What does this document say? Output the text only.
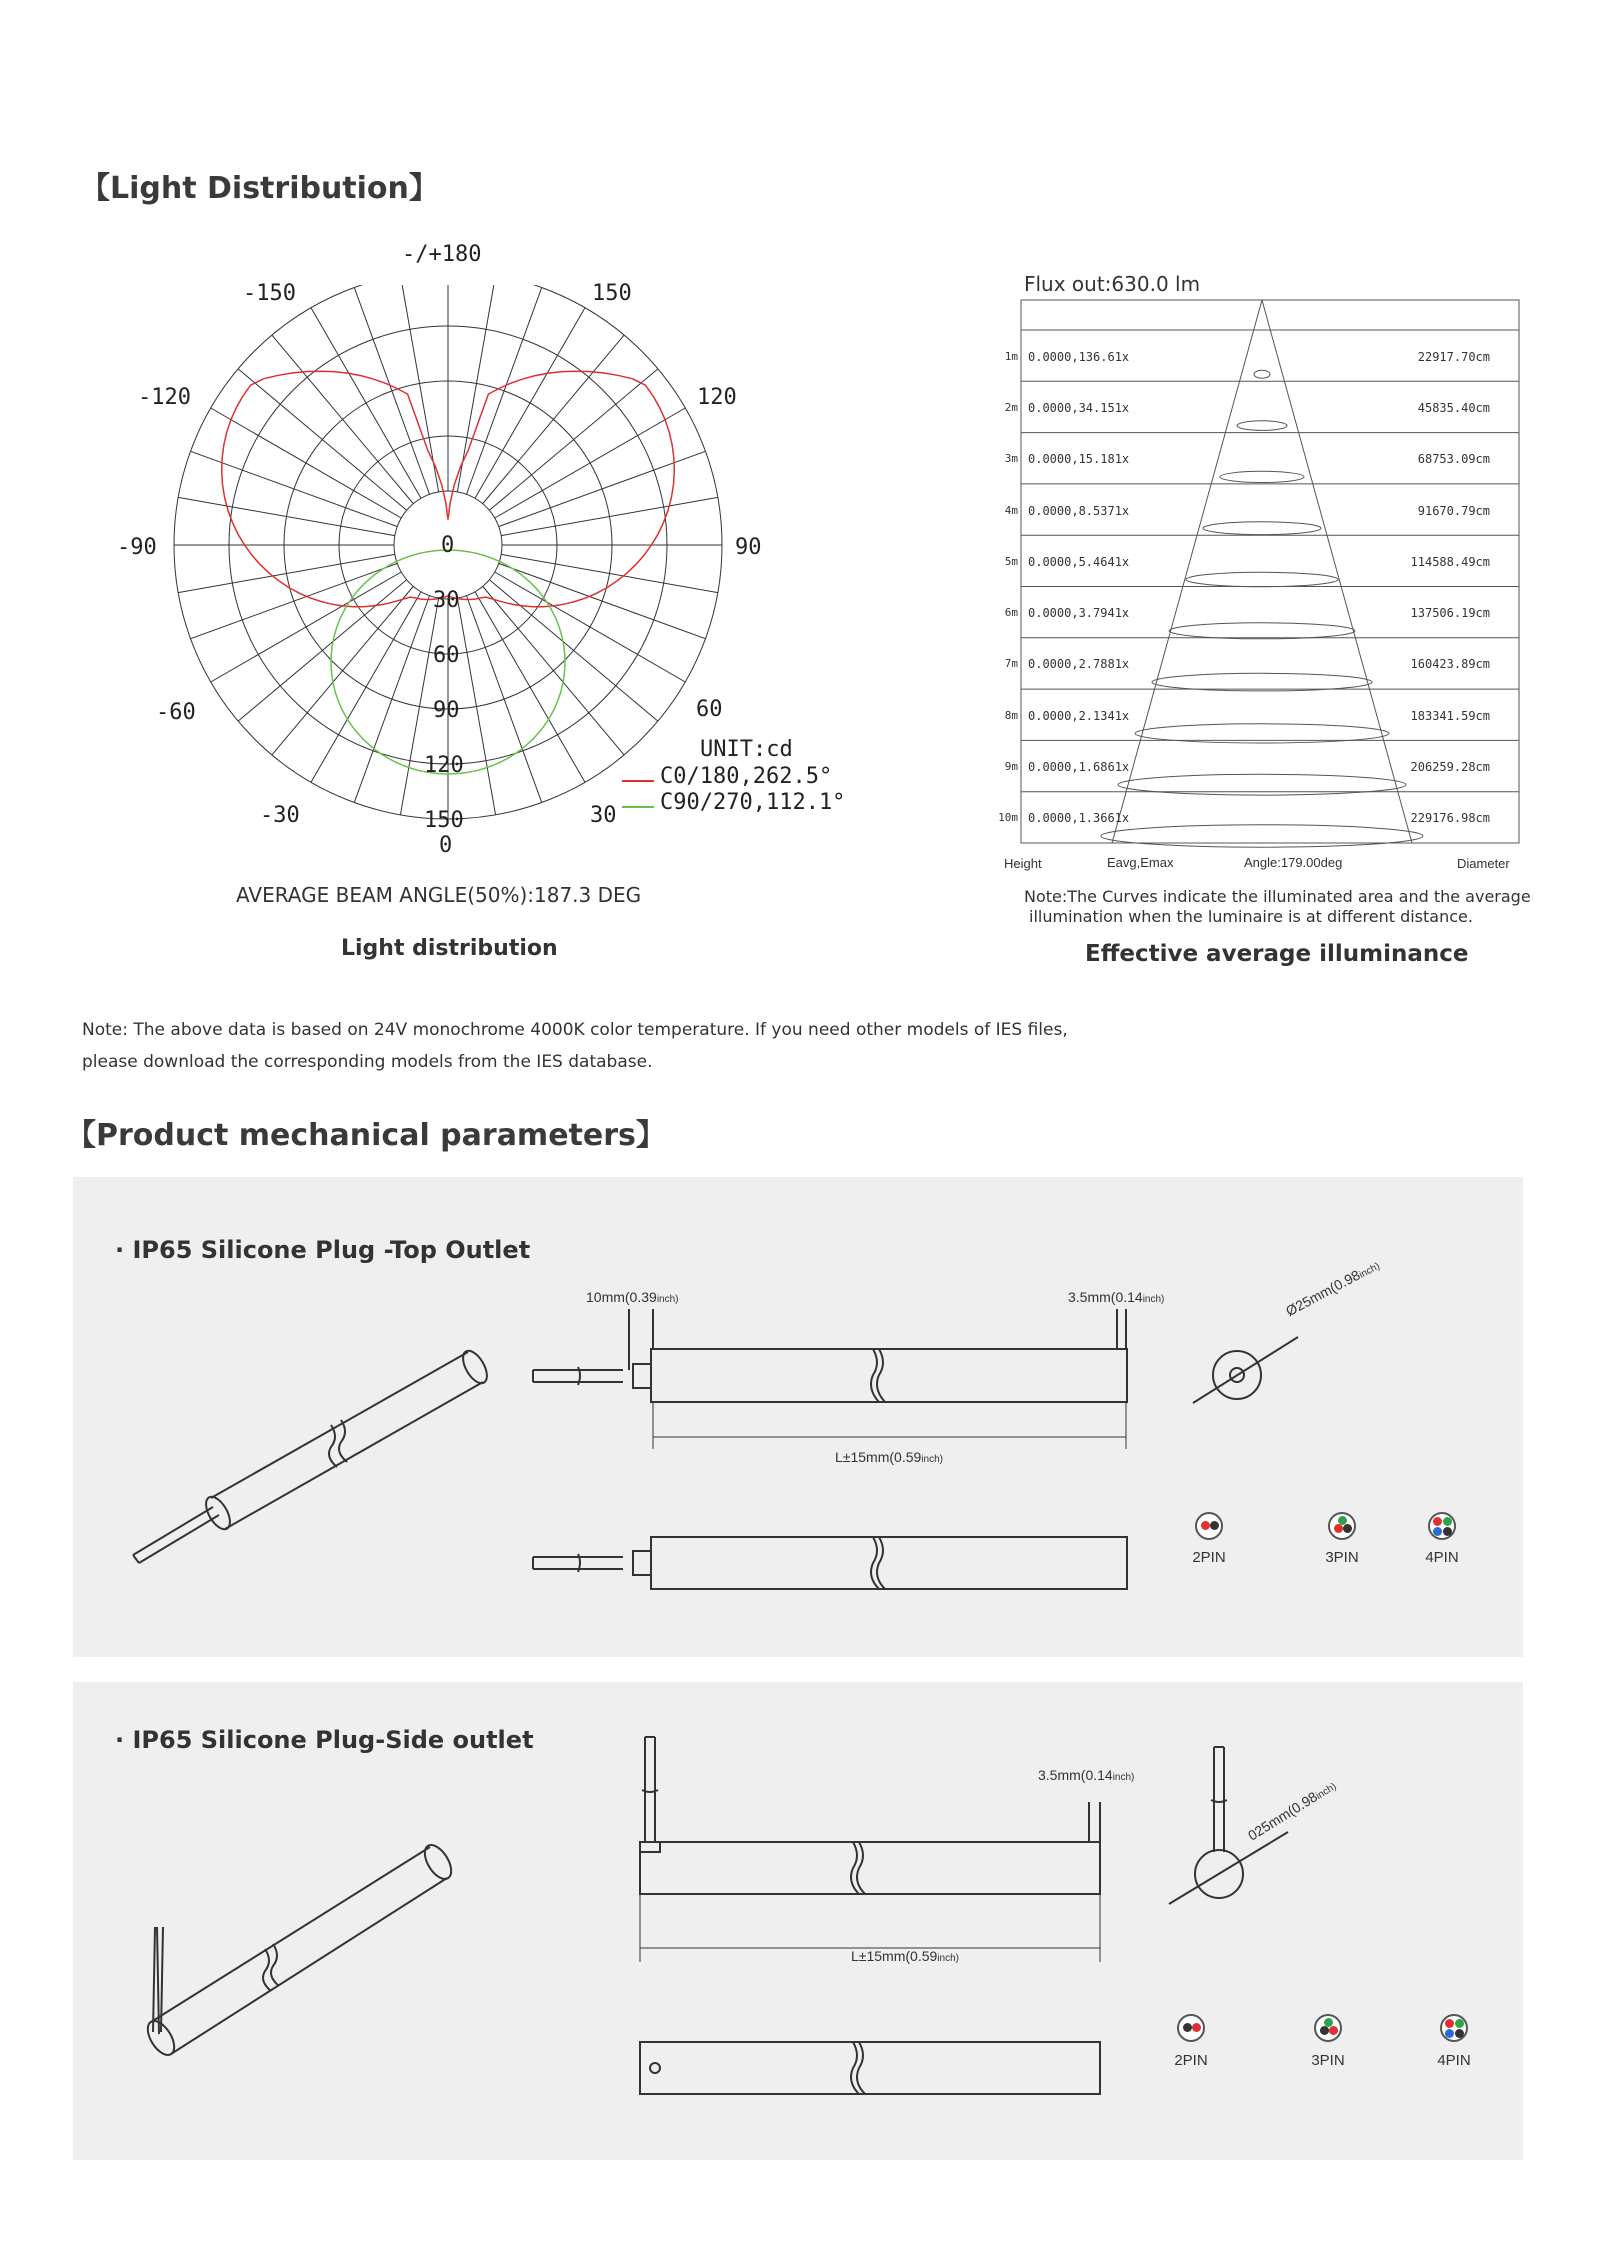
【Light Distribution】
-/+180
-150	150
-120	120
-90	90
-60	60
-30	30
0
0
30
60
90
120
150
UNIT:cd
C0/180,262.5°
C90/270,112.1°
AVERAGE BEAM ANGLE(50%):187.3 DEG
Light distribution
Flux out:630.0 lm
1m 0.0000,136.61x	22917.70cm
2m 0.0000,34.151x	45835.40cm
3m 0.0000,15.181x	68753.09cm
4m 0.0000,8.5371x	91670.79cm
5m 0.0000,5.4641x	114588.49cm
6m 0.0000,3.7941x	137506.19cm
7m 0.0000,2.7881x	160423.89cm
8m 0.0000,2.1341x	183341.59cm
9m 0.0000,1.6861x	206259.28cm
10m 0.0000,1.3661x	229176.98cm
Height	Eavg,Emax	Angle:179.00deg	Diameter
Note:The Curves indicate the illuminated area and the average
illumination when the luminaire is at different distance.
Effective average illuminance
Note: The above data is based on 24V monochrome 4000K color temperature. If you need other models of IES files,
please download the corresponding models from the IES database.
【Product mechanical parameters】
· IP65 Silicone Plug -Top Outlet
10mm(0.39inch)	3.5mm(0.14inch)
L±15mm(0.59inch)
Ø25mm(0.98inch)
2PIN	3PIN	4PIN
· IP65 Silicone Plug-Side outlet
3.5mm(0.14inch)
L±15mm(0.59inch)
025mm(0.98inch)
2PIN	3PIN	4PIN
